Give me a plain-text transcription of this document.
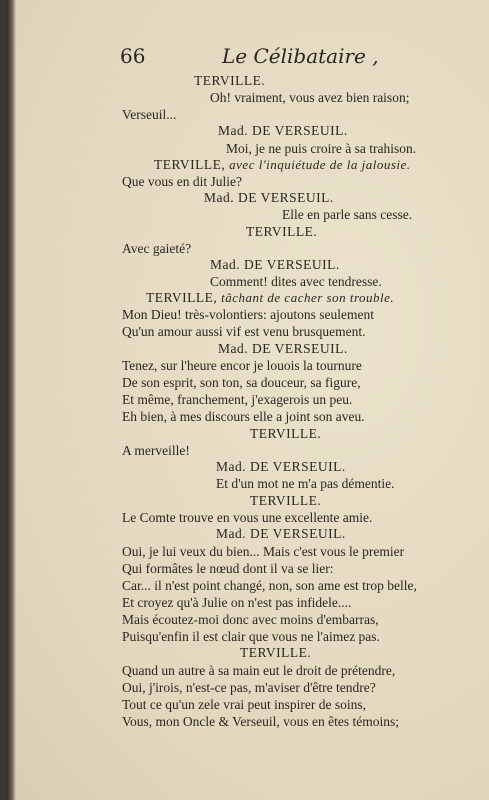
66	Le Célibataire ,
TERVILLE.
Oh! vraiment, vous avez bien raison;
Verseuil...
Mad. DE VERSEUIL.
Moi, je ne puis croire à sa trahison.
TERVILLE, avec l'inquiétude de la jalousie.
Que vous en dit Julie?
Mad. DE VERSEUIL.
Elle en parle sans cesse.
TERVILLE.
Avec gaieté?
Mad. DE VERSEUIL.
Comment! dites avec tendresse.
TERVILLE, tâchant de cacher son trouble.
Mon Dieu! très-volontiers: ajoutons seulement
Qu'un amour aussi vif est venu brusquement.
Mad. DE VERSEUIL.
Tenez, sur l'heure encor je louois la tournure
De son esprit, son ton, sa douceur, sa figure,
Et même, franchement, j'exagerois un peu.
Eh bien, à mes discours elle a joint son aveu.
TERVILLE.
A merveille!
Mad. DE VERSEUIL.
Et d'un mot ne m'a pas démentie.
TERVILLE.
Le Comte trouve en vous une excellente amie.
Mad. DE VERSEUIL.
Oui, je lui veux du bien... Mais c'est vous le premier
Qui formâtes le nœud dont il va se lier:
Car... il n'est point changé, non, son ame est trop belle,
Et croyez qu'à Julie on n'est pas infidele....
Mais écoutez-moi donc avec moins d'embarras,
Puisqu'enfin il est clair que vous ne l'aimez pas.
TERVILLE.
Quand un autre à sa main eut le droit de prétendre,
Oui, j'irois, n'est-ce pas, m'aviser d'être tendre?
Tout ce qu'un zele vrai peut inspirer de soins,
Vous, mon Oncle & Verseuil, vous en êtes témoins;
